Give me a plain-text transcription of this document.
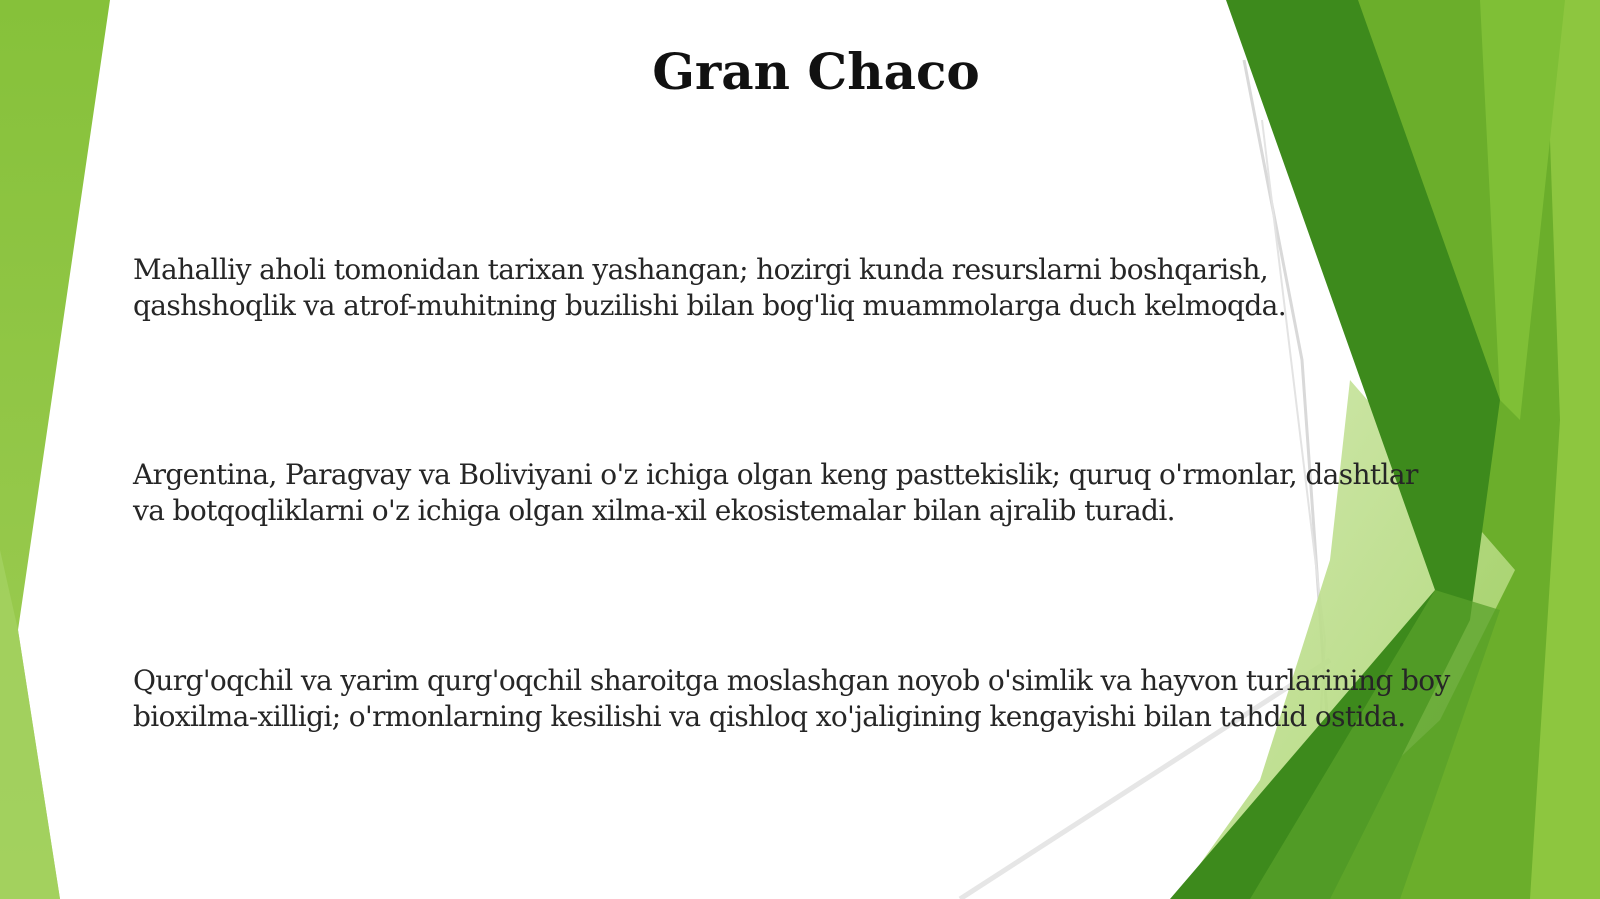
Gran Chaco

Mahalliy aholi tomonidan tarixan yashangan; hozirgi kunda resurslarni boshqarish,
qashshoqlik va atrof-muhitning buzilishi bilan bog'liq muammolarga duch kelmoqda.

Argentina, Paragvay va Boliviyani o'z ichiga olgan keng pasttekislik; quruq o'rmonlar, dashtlar
va botqoqliklarni o'z ichiga olgan xilma-xil ekosistemalar bilan ajralib turadi.

Qurg'oqchil va yarim qurg'oqchil sharoitga moslashgan noyob o'simlik va hayvon turlarining boy
bioxilma-xilligi; o'rmonlarning kesilishi va qishloq xo'jaligining kengayishi bilan tahdid ostida.
